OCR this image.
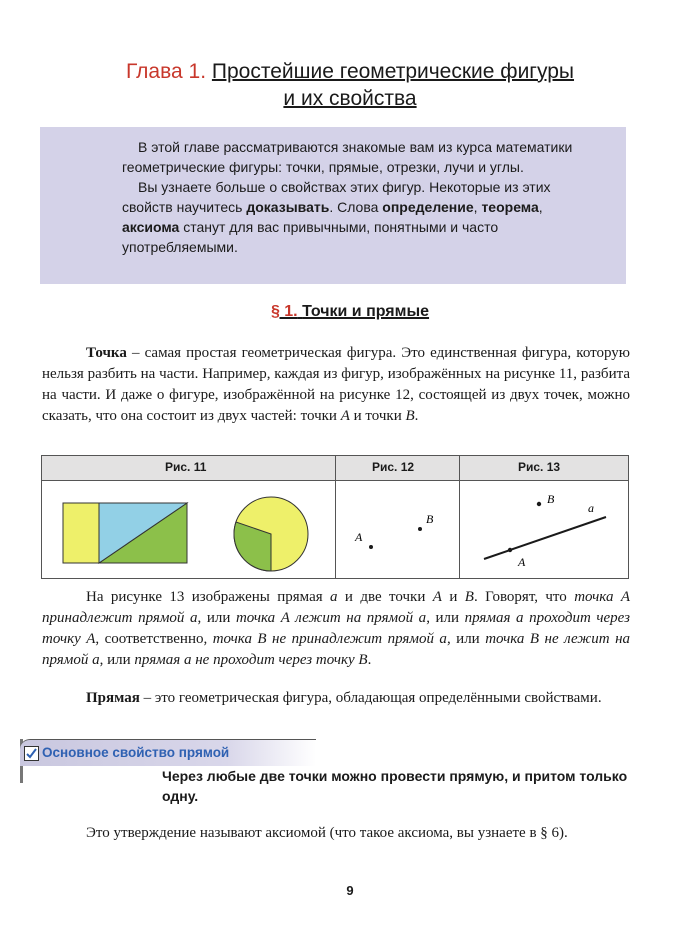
Глава 1. Простейшие геометрические фигуры
и их свойства

В этой главе рассматриваются знакомые вам из курса математики геометрические фигуры: точки, прямые, отрезки, лучи и углы.

Вы узнаете больше о свойствах этих фигур. Некоторые из этих свойств научитесь доказывать. Слова определение, теорема, аксиома станут для вас привычными, понятными и часто употребляемыми.

§ 1. Точки и прямые

Точка – самая простая геометрическая фигура. Это единственная фигура, которую нельзя разбить на части. Например, каждая из фигур, изображённых на рисунке 11, разбита на части. И даже о фигуре, изображённой на рисунке 12, состоящей из двух точек, можно сказать, что она состоит из двух частей: точки A и точки B.

Рис. 11	Рис. 12	Рис. 13
A
B
a
A
B

На рисунке 13 изображены прямая a и две точки A и B. Говорят, что точка A принадлежит прямой a, или точка A лежит на прямой a, или прямая a проходит через точку A, соответственно, точка B не принадлежит прямой a, или точка B не лежит на прямой a, или прямая a не проходит через точку B.

Прямая – это геометрическая фигура, обладающая определёнными свойствами.

Основное свойство прямой

Через любые две точки можно провести прямую, и притом только одну.

Это утверждение называют аксиомой (что такое аксиома, вы узнаете в § 6).

9
